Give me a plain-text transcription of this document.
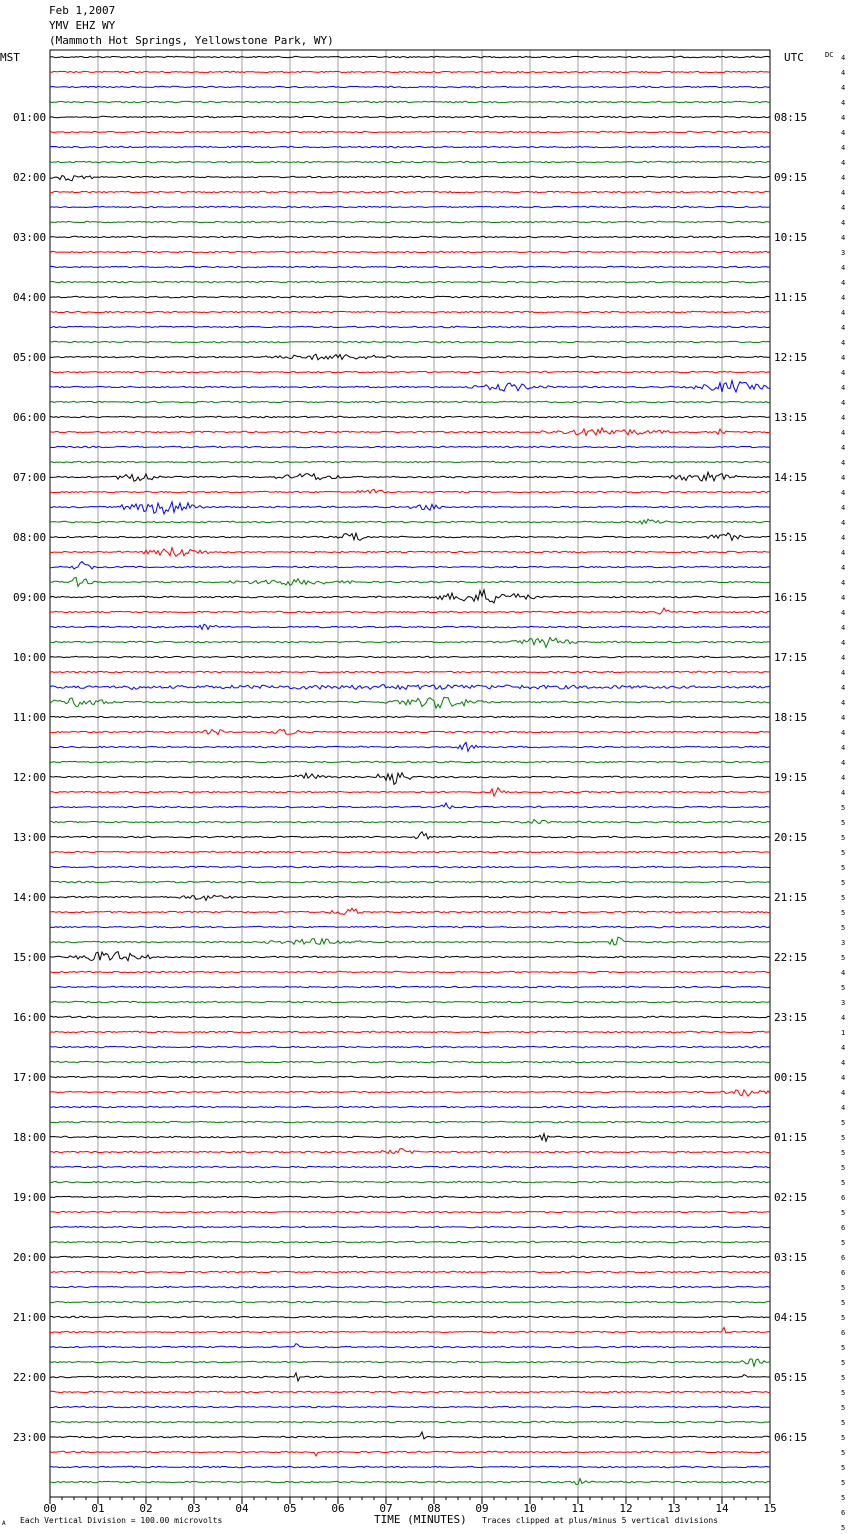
Feb 1,2007
YMV EHZ WY
(Mammoth Hot Springs, Yellowstone Park, WY)
01:00
02:00
03:00
04:00
05:00
06:00
07:00
08:00
09:00
10:00
11:00
12:00
13:00
14:00
15:00
16:00
17:00
18:00
19:00
20:00
21:00
22:00
23:00
08:15
09:15
10:15
11:15
12:15
13:15
14:15
15:15
16:15
17:15
18:15
19:15
20:15
21:15
22:15
23:15
00:15
01:15
02:15
03:15
04:15
05:15
06:15
4
4
4
4
4
4
4
4
4
4
4
4
4
3
4
4
4
4
4
4
4
4
4
4
4
4
4
4
4
4
4
4
4
4
4
4
4
4
4
4
4
4
4
4
4
4
4
4
4
4
5
5
5
5
5
5
5
5
5
3
5
4
5
3
4
1
4
4
4
4
4
5
5
5
5
5
6
5
6
5
6
6
5
5
5
6
5
5
5
5
5
5
5
5
5
5
5
6
5
00	01	02	03	04	05	06	07	08	09	10	11	12	13	14	15
MST	UTC	DC
TIME (MINUTES)
Each Vertical Division = 100.00 microvolts	Traces clipped at plus/minus 5 vertical divisions
A
